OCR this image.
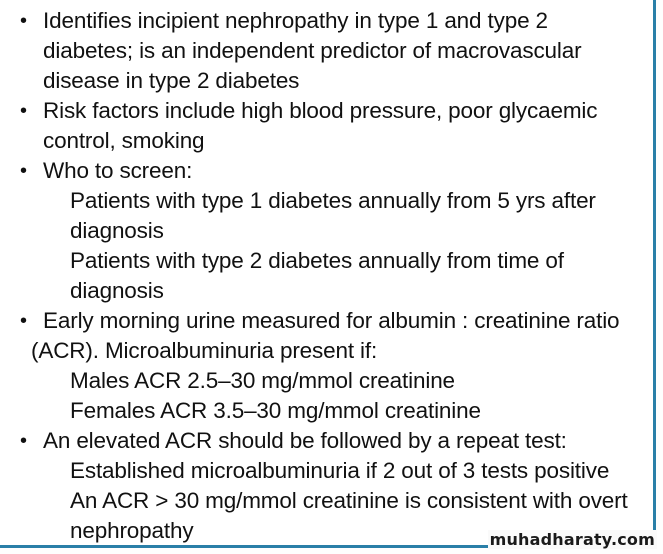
• Identifies incipient nephropathy in type 1 and type 2
diabetes; is an independent predictor of macrovascular
disease in type 2 diabetes
• Risk factors include high blood pressure, poor glycaemic
control, smoking
• Who to screen:
Patients with type 1 diabetes annually from 5 yrs after
diagnosis
Patients with type 2 diabetes annually from time of
diagnosis
• Early morning urine measured for albumin : creatinine ratio
(ACR). Microalbuminuria present if:
Males ACR 2.5–30 mg/mmol creatinine
Females ACR 3.5–30 mg/mmol creatinine
• An elevated ACR should be followed by a repeat test:
Established microalbuminuria if 2 out of 3 tests positive
An ACR > 30 mg/mmol creatinine is consistent with overt
nephropathy	muhadharaty.com
